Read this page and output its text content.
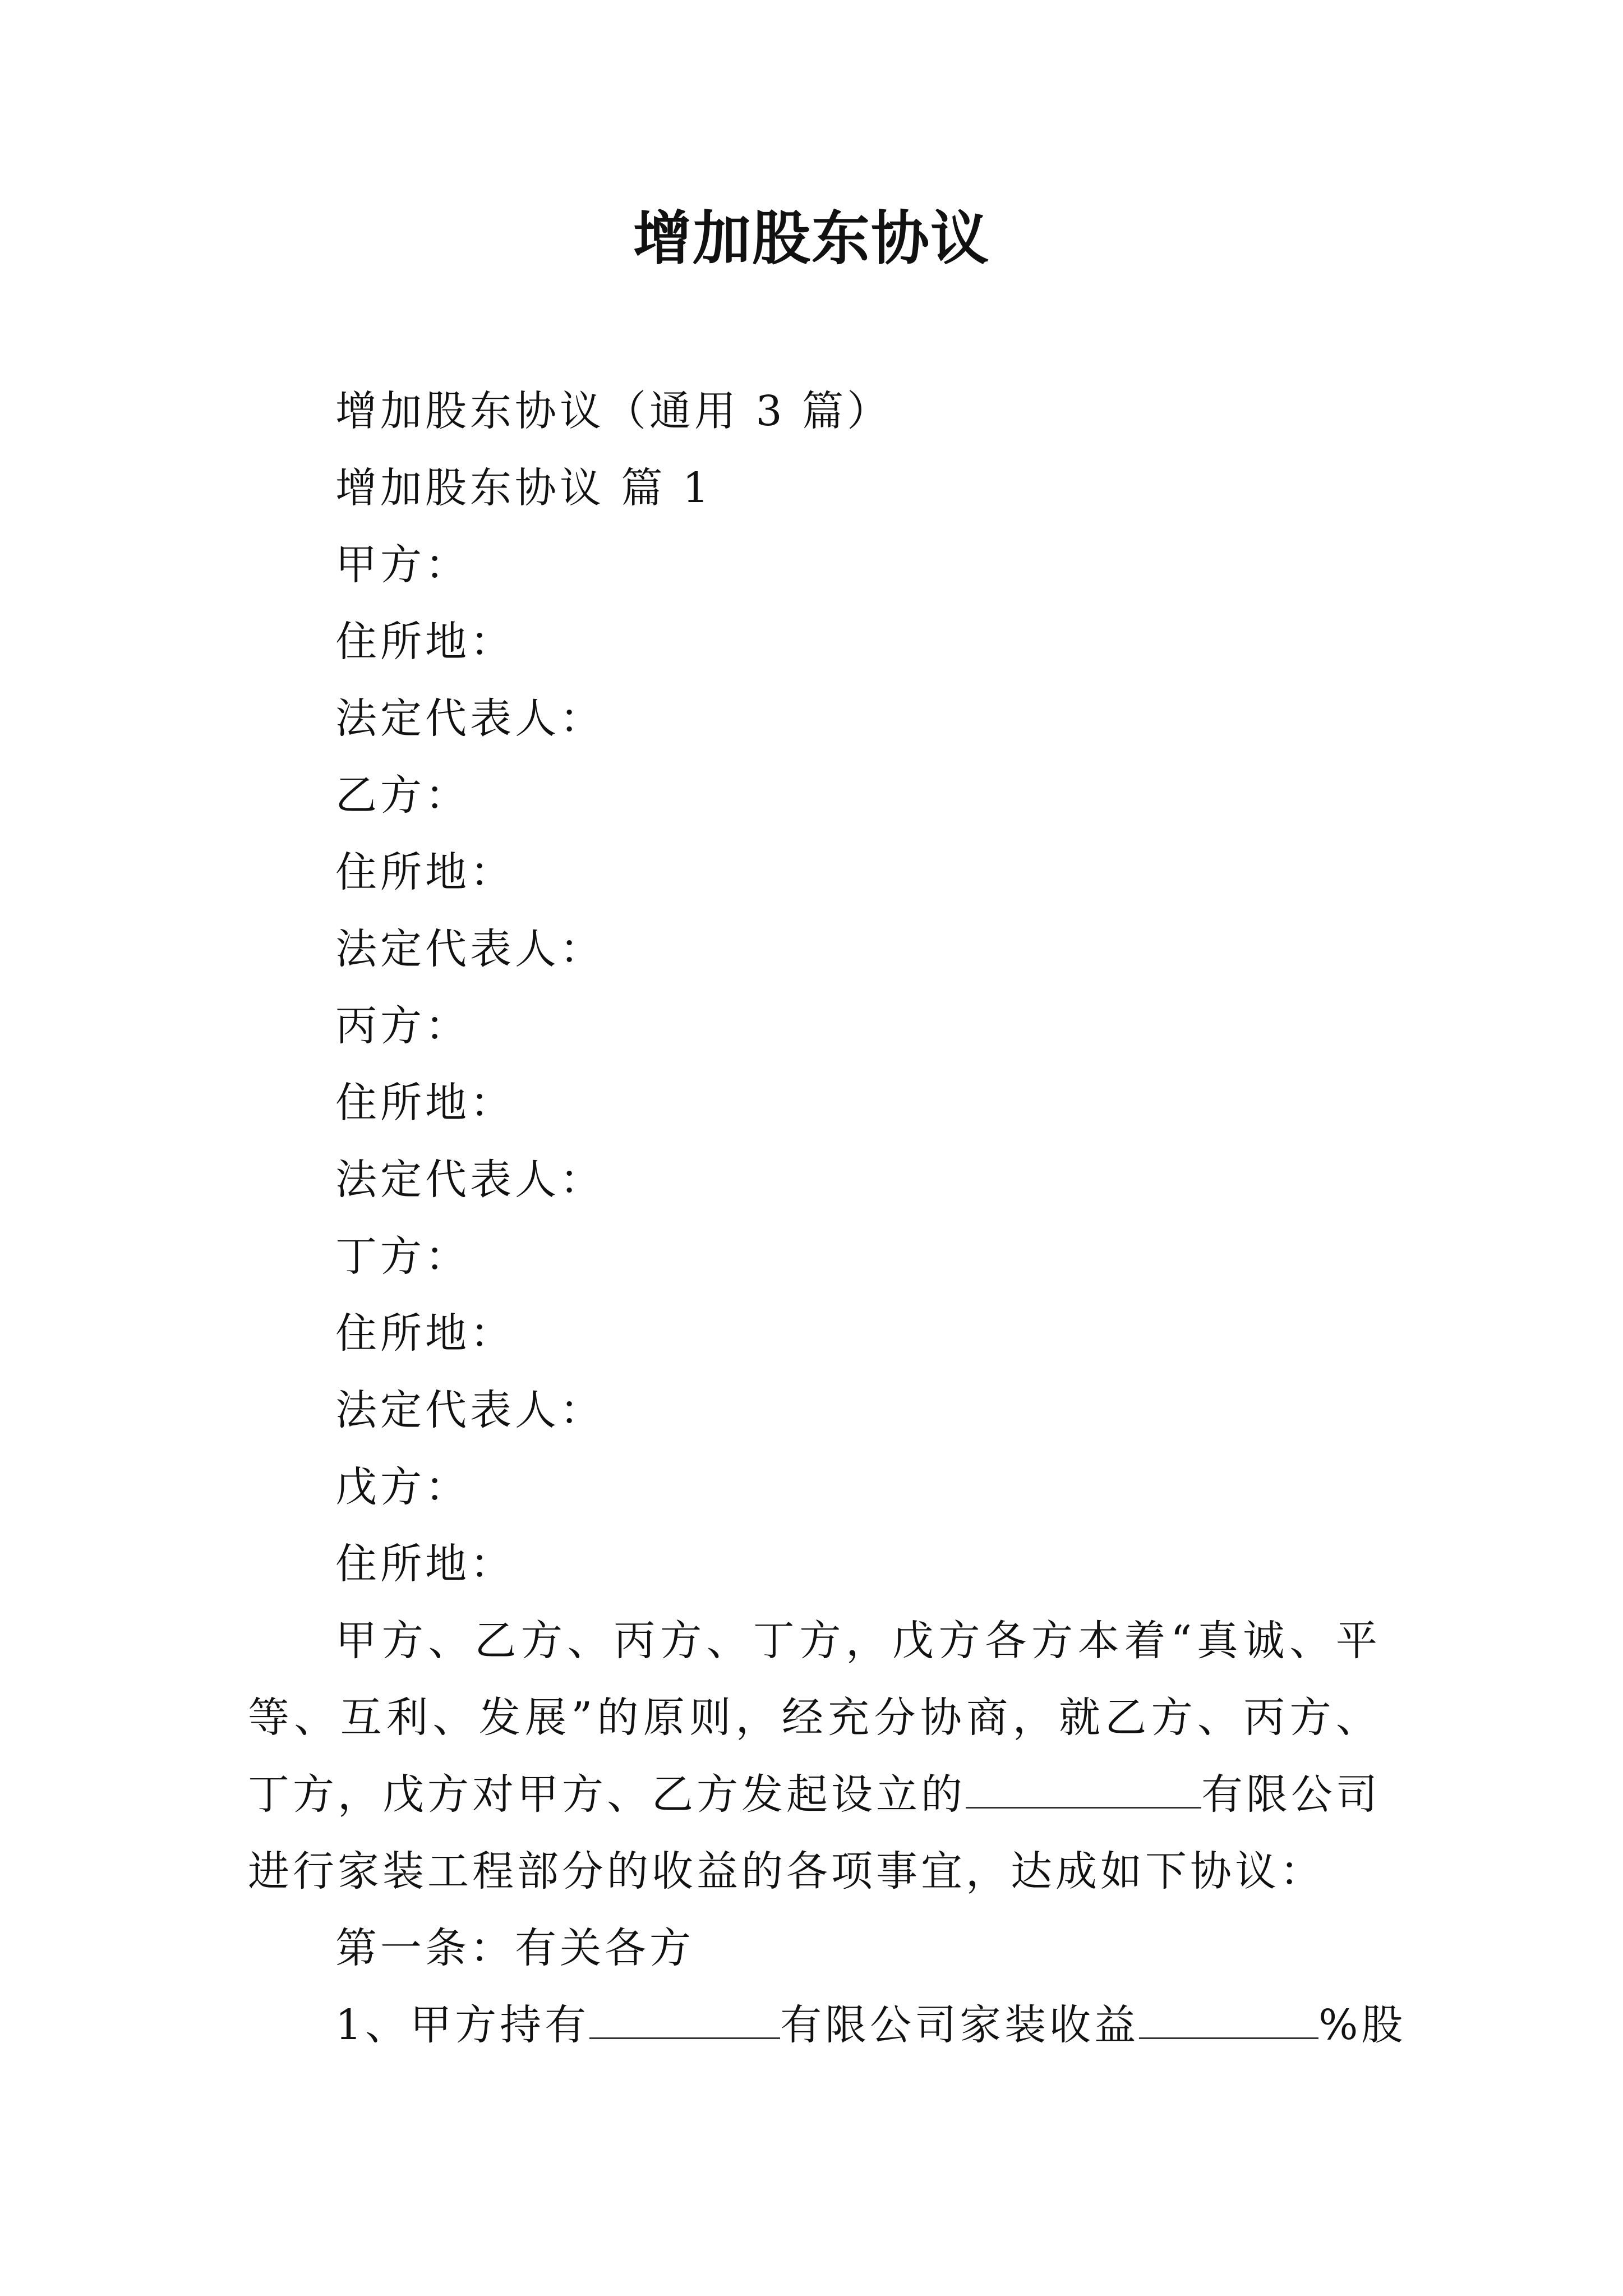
增加股东协议
增加股东协议（通用 3 篇）
增加股东协议 篇 1
甲方：
住所地：
法定代表人：
乙方：
住所地：
法定代表人：
丙方：
住所地：
法定代表人：
丁方：
住所地：
法定代表人：
戊方：
住所地：
甲方、乙方、丙方、丁方，戊方各方本着“真诚、平等、互利、发展”的原则，经充分协商，就乙方、丙方、丁方，戊方对甲方、乙方发起设立的	有限公司进行家装工程部分的收益的各项事宜，达成如下协议：
第一条：有关各方
1、甲方持有	有限公司家装收益	%股
